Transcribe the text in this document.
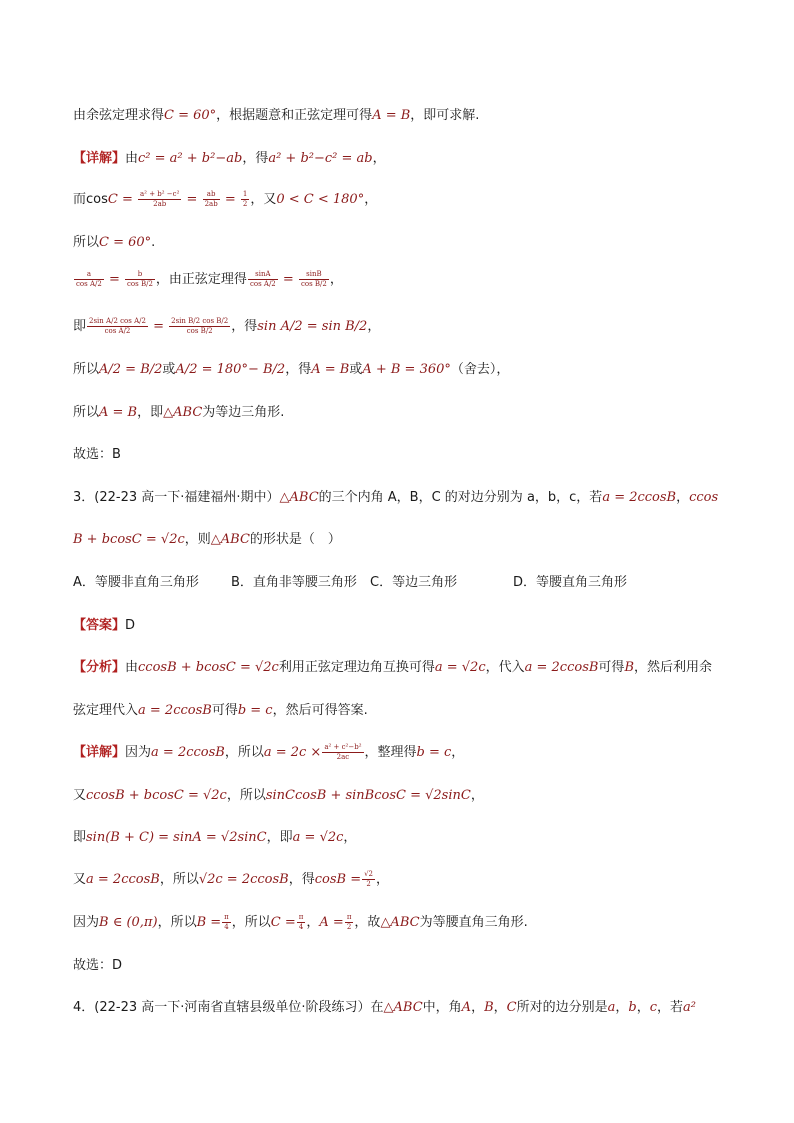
由余弦定理求得C = 60°，根据题意和正弦定理可得A = B，即可求解.
【详解】由c² = a² + b²−ab，得a² + b²−c² = ab，
而$\cos C = \frac{\text{a² + b² −c²}}{2ab} = \frac{ab}{2ab} = \frac{1}{2}$ ，又0 < C < 180°，
所以C = 60°.
$\frac{a}{\text{cos A/2}} = \frac{b}{\text{cos B/2}}$ ，由正弦定理得 $\frac{\sin A}{\text{cos A/2}} = \frac{\sin B}{\text{cos B/2}}$ ，
即 $\frac{\text{2sin A/2 cos A/2}}{\text{cos A/2}} = \frac{\text{2sin B/2 cos B/2}}{\text{cos B/2}}$ ，得sin A/2 = sin B/2，
所以A/2 = B/2或A/2 = 180°− B/2，得A = B或A + B = 360°（舍去），
所以A = B，即△ABC为等边三角形.
故选：B
3．(22-23 高一下·福建福州·期中）△ABC的三个内角 A，B，C 的对边分别为 a，b，c，若a = 2ccosB，ccos
B + bcosC = √2c，则△ABC的形状是（　）
A．等腰非直角三角形 B．直角非等腰三角形 C．等边三角形	D．等腰直角三角形
【答案】D
【分析】由ccosB + bcosC = √2c利用正弦定理边角互换可得a = √2c，代入a = 2ccosB可得B，然后利用余
弦定理代入a = 2ccosB可得b = c，然后可得答案.
【详解】因为a = 2ccosB，所以$a = 2c \times \frac{\text{a² + c²−b²}}{2ac}$ ，整理得b = c，
又ccosB + bcosC = √2c，所以sinCcosB + sinBcosC = √2sinC，
即sin(B + C) = sinA = √2sinC，即a = √2c，
又a = 2ccosB，所以√2c = 2ccosB，得$\cos B = \frac{√2}{2}$ ，
因为B ∈ (0,π)，所以$B = \frac{\pi}{4}$ ，所以$C = \frac{\pi}{4}$ ，$A = \frac{\pi}{2}$ ，故△ABC为等腰直角三角形.
故选：D
4．(22-23 高一下·河南省直辖县级单位·阶段练习）在△ABC中，角A，B，C所对的边分别是a，b，c，若a²
